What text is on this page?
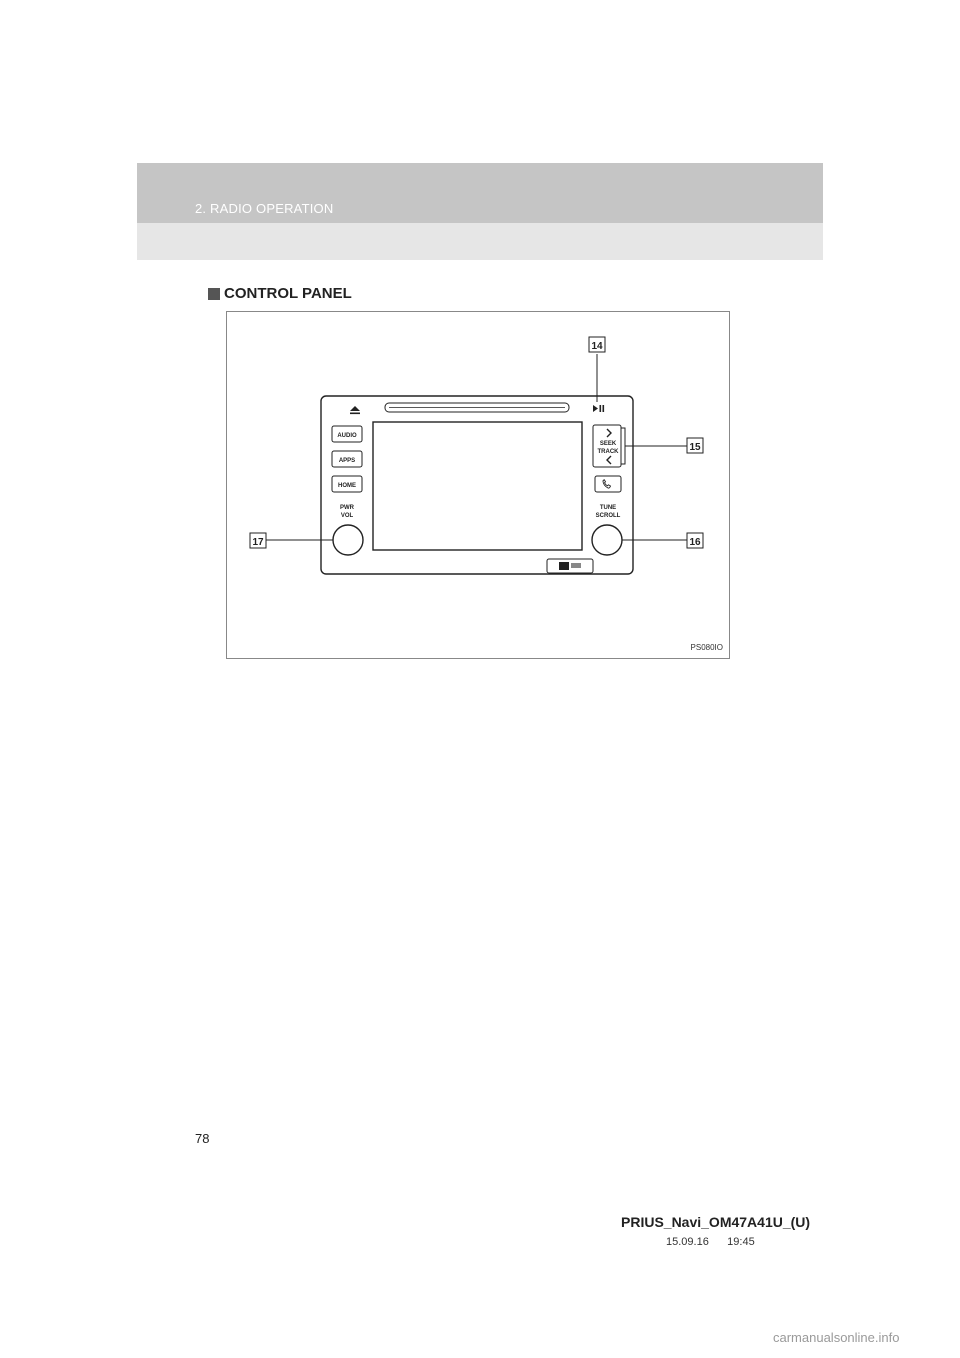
2. RADIO OPERATION
CONTROL PANEL
AUDIO
APPS
HOME
PWR
VOL
SEEK
TRACK
TUNE
SCROLL
14
15
16
17
PS080IO
78
PRIUS_Navi_OM47A41U_(U)
15.09.16 19:45
carmanualsonline.info
